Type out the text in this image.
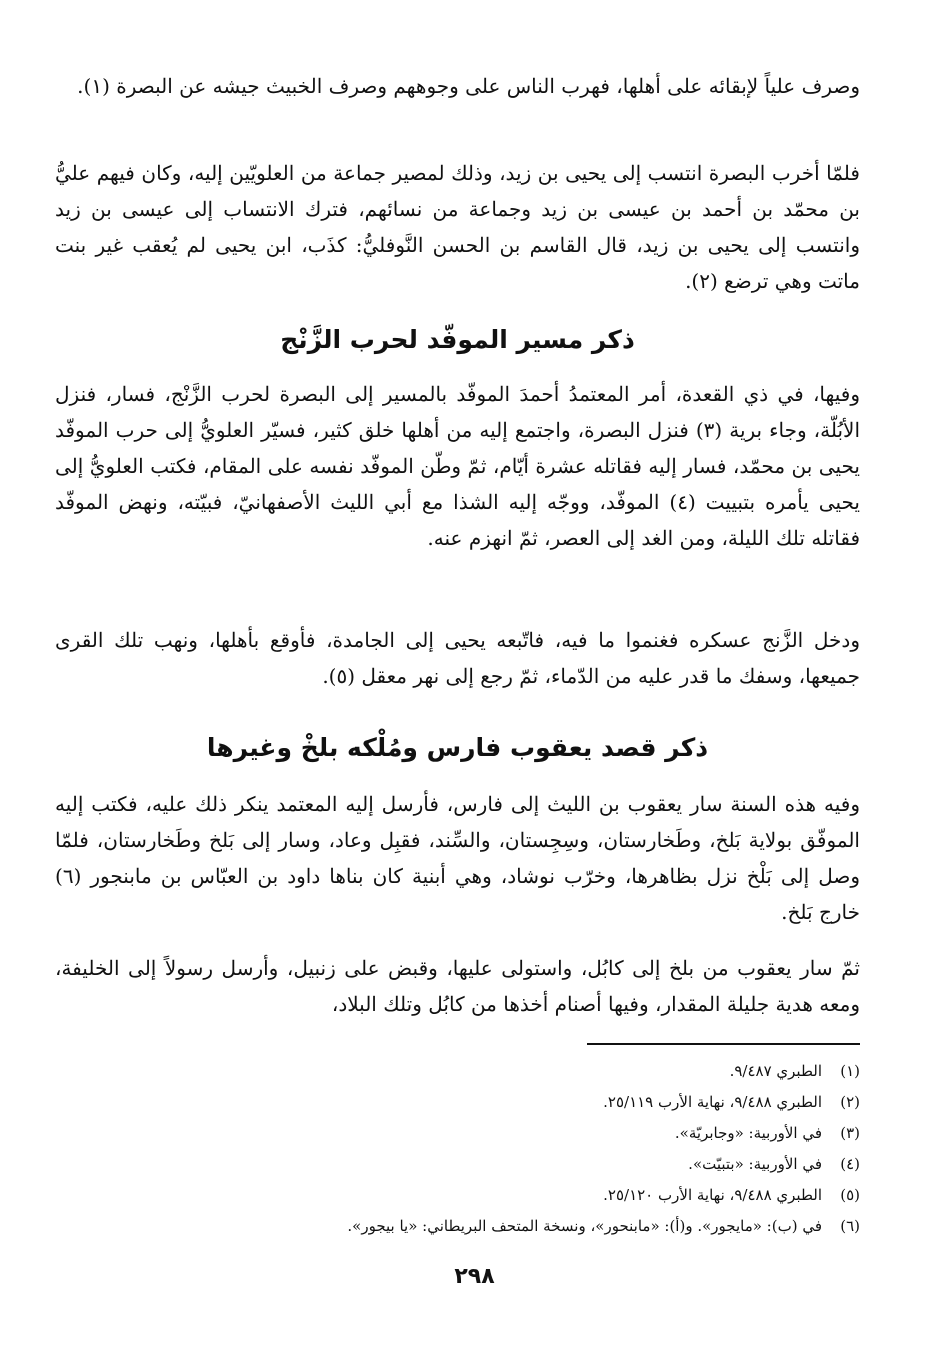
وصرف علياً لإبقائه على أهلها، فهرب الناس على وجوههم وصرف الخبيث جيشه عن البصرة (١).

فلمّا أخرب البصرة انتسب إلى يحيى بن زيد، وذلك لمصير جماعة من العلويّين إليه، وكان فيهم عليُّ بن محمّد بن أحمد بن عيسى بن زيد وجماعة من نسائهم، فترك الانتساب إلى عيسى بن زيد وانتسب إلى يحيى بن زيد، قال القاسم بن الحسن النَّوفليُّ: كذَب، ابن يحيى لم يُعقب غير بنت ماتت وهي ترضع (٢).

ذكر مسير الموفّد لحرب الزَّنْج

وفيها، في ذي القعدة، أمر المعتمدُ أحمدَ الموفّد بالمسير إلى البصرة لحرب الزَّنْج، فسار، فنزل الأبُلّة، وجاء برية (٣) فنزل البصرة، واجتمع إليه من أهلها خلق كثير، فسيّر العلويُّ إلى حرب الموفّد يحيى بن محمّد، فسار إليه فقاتله عشرة أيّام، ثمّ وطّن الموفّد نفسه على المقام، فكتب العلويُّ إلى يحيى يأمره بتبييت (٤) الموفّد، ووجّه إليه الشذا مع أبي الليث الأصفهانيّ، فبيّته، ونهض الموفّد فقاتله تلك الليلة، ومن الغد إلى العصر، ثمّ انهزم عنه.

ودخل الزَّنج عسكره فغنموا ما فيه، فاتّبعه يحيى إلى الجامدة، فأوقع بأهلها، ونهب تلك القرى جميعها، وسفك ما قدر عليه من الدّماء، ثمّ رجع إلى نهر معقل (٥).

ذكر قصد يعقوب فارس ومُلْكه بلخْ وغيرها

وفيه هذه السنة سار يعقوب بن الليث إلى فارس، فأرسل إليه المعتمد ينكر ذلك عليه، فكتب إليه الموفّق بولاية بَلخ، وطَخارستان، وسِجِستان، والسِّند، فقبِل وعاد، وسار إلى بَلخ وطَخارستان، فلمّا وصل إلى بَلْخ نزل بظاهرها، وخرّب نوشاد، وهي أبنية كان بناها داود بن العبّاس بن مابنجور (٦) خارج بَلخ.

ثمّ سار يعقوب من بلخ إلى كابُل، واستولى عليها، وقبض على زنبيل، وأرسل رسولاً إلى الخليفة، ومعه هدية جليلة المقدار، وفيها أصنام أخذها من كابُل وتلك البلاد،

(١)
الطبري ٩/٤٨٧.
(٢)
الطبري ٩/٤٨٨، نهاية الأرب ٢٥/١١٩.
(٣)
في الأوربية: «وجابريّة».
(٤)
في الأوربية: «بتبيّت».
(٥)
الطبري ٩/٤٨٨، نهاية الأرب ٢٥/١٢٠.
(٦)
في (ب): «مايجور». و(أ): «مابنحور»، ونسخة المتحف البريطاني: «يا بيجور».
٢٩٨
